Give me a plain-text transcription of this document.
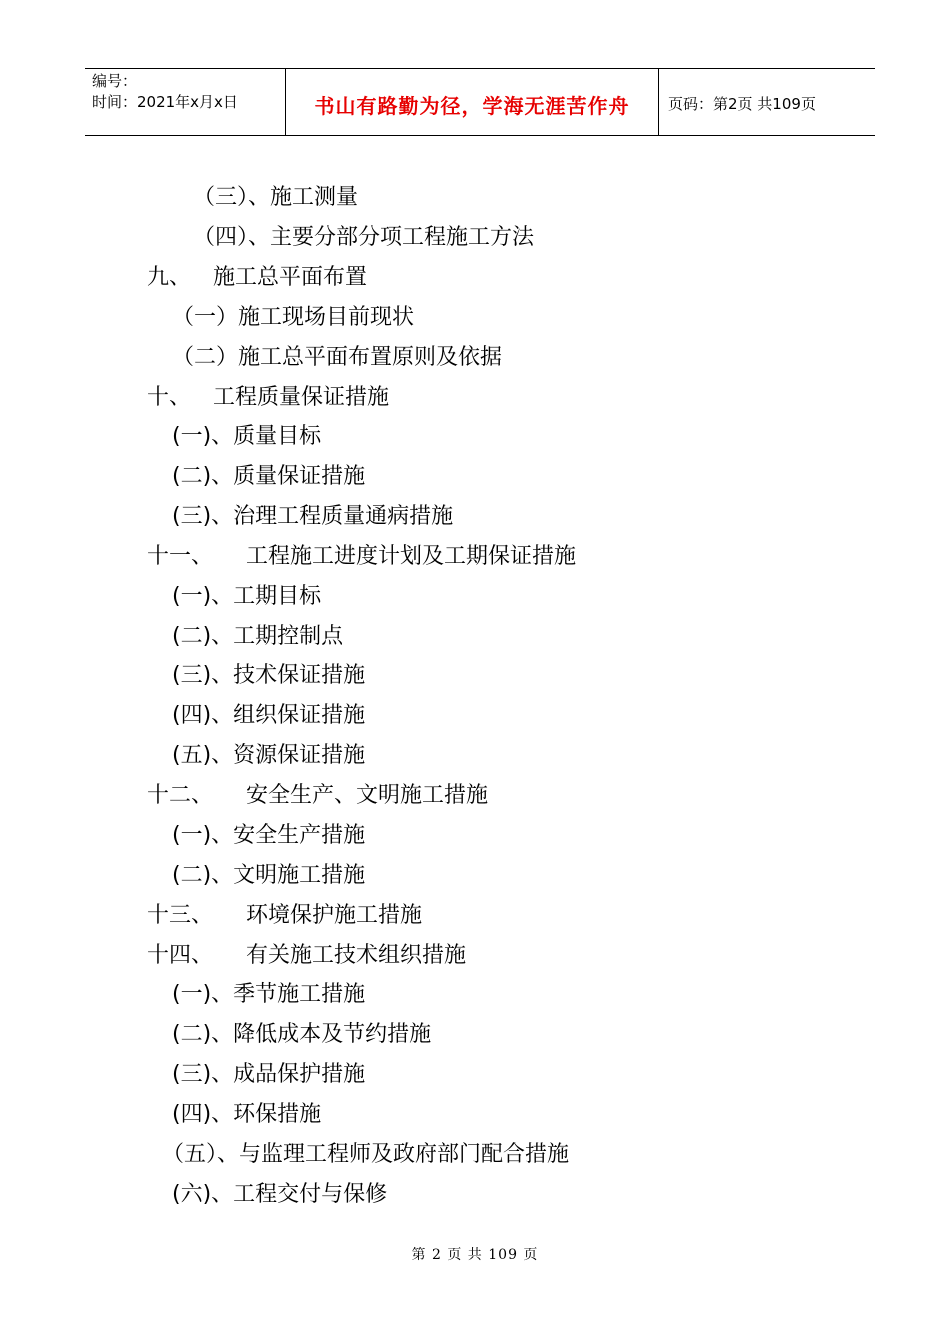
编号：
时间：2021年x月x日	书山有路勤为径，学海无涯苦作舟	页码：第2页 共109页
（三）、施工测量
（四）、主要分部分项工程施工方法
九、 施工总平面布置
（一）施工现场目前现状
（二）施工总平面布置原则及依据
十、 工程质量保证措施
(一)、质量目标
(二)、质量保证措施
(三)、治理工程质量通病措施
十一、 工程施工进度计划及工期保证措施
(一)、工期目标
(二)、工期控制点
(三)、技术保证措施
(四)、组织保证措施
(五)、资源保证措施
十二、 安全生产、文明施工措施
(一)、安全生产措施
(二)、文明施工措施
十三、 环境保护施工措施
十四、 有关施工技术组织措施
(一)、季节施工措施
(二)、降低成本及节约措施
(三)、成品保护措施
(四)、环保措施
（五）、与监理工程师及政府部门配合措施
(六)、工程交付与保修
第 2 页 共 109 页
